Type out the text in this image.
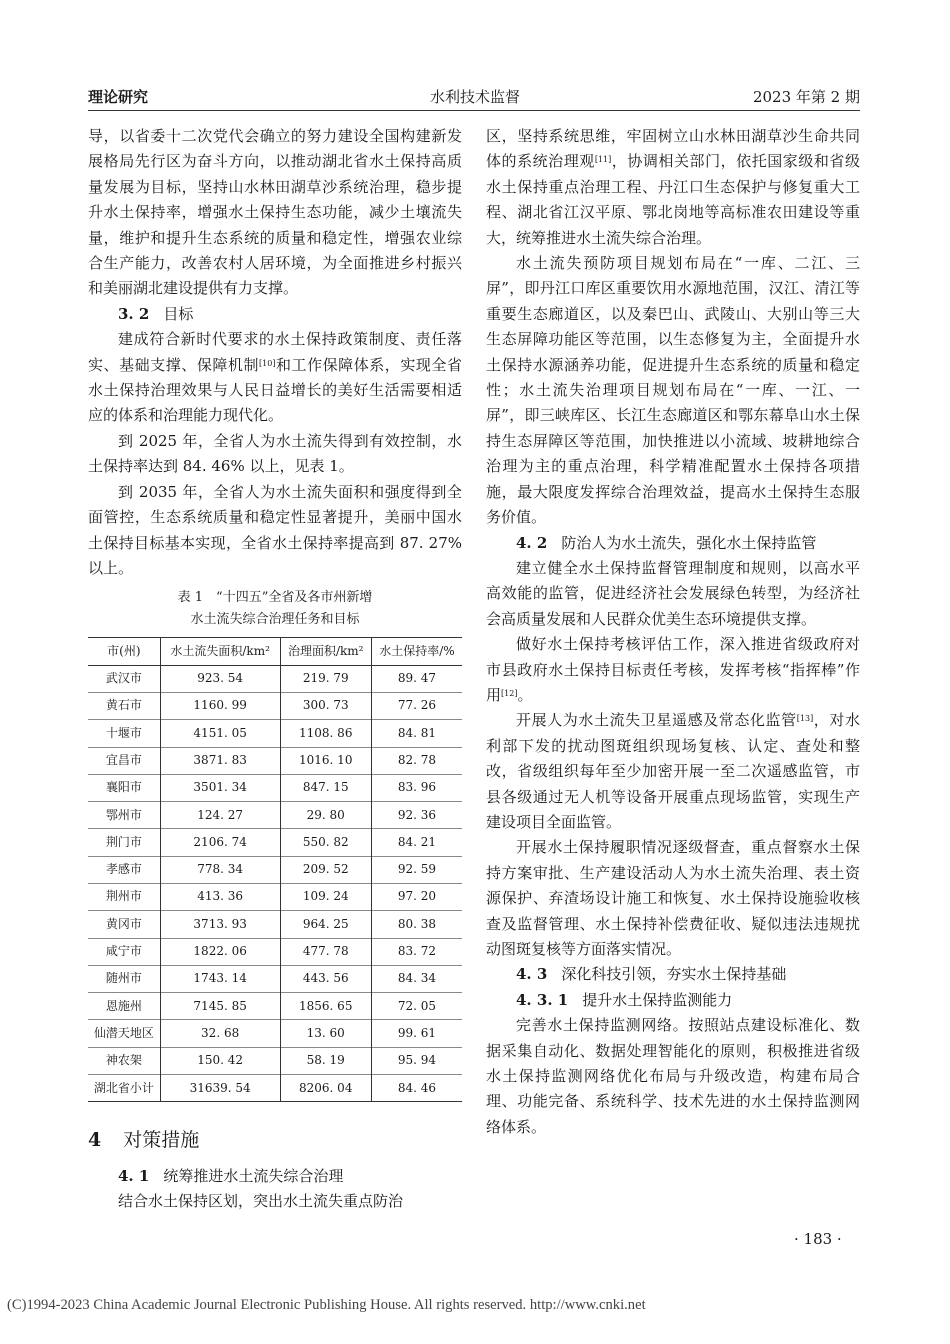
理论研究	水利技术监督	2023 年第 2 期

导，以省委十二次党代会确立的努力建设全国构建新发展格局先行区为奋斗方向，以推动湖北省水土保持高质量发展为目标，坚持山水林田湖草沙系统治理，稳步提升水土保持率，增强水土保持生态功能，减少土壤流失量，维护和提升生态系统的质量和稳定性，增强农业综合生产能力，改善农村人居环境，为全面推进乡村振兴和美丽湖北建设提供有力支撑。

3. 2 目标

建成符合新时代要求的水土保持政策制度、责任落实、基础支撑、保障机制[10]和工作保障体系，实现全省水土保持治理效果与人民日益增长的美好生活需要相适应的体系和治理能力现代化。

到 2025 年，全省人为水土流失得到有效控制，水土保持率达到 84. 46% 以上，见表 1。

到 2035 年，全省人为水土流失面积和强度得到全面管控，生态系统质量和稳定性显著提升，美丽中国水土保持目标基本实现，全省水土保持率提高到 87. 27% 以上。

表 1　“十四五”全省及各市州新增
水土流失综合治理任务和目标
市(州)	水土流失面积/km²	治理面积/km²	水土保持率/%
武汉市	923. 54	219. 79	89. 47
黄石市	1160. 99	300. 73	77. 26
十堰市	4151. 05	1108. 86	84. 81
宜昌市	3871. 83	1016. 10	82. 78
襄阳市	3501. 34	847. 15	83. 96
鄂州市	124. 27	29. 80	92. 36
荆门市	2106. 74	550. 82	84. 21
孝感市	778. 34	209. 52	92. 59
荆州市	413. 36	109. 24	97. 20
黄冈市	3713. 93	964. 25	80. 38
咸宁市	1822. 06	477. 78	83. 72
随州市	1743. 14	443. 56	84. 34
恩施州	7145. 85	1856. 65	72. 05
仙潜天地区	32. 68	13. 60	99. 61
神农架	150. 42	58. 19	95. 94
湖北省小计	31639. 54	8206. 04	84. 46
4 对策措施

4. 1 统筹推进水土流失综合治理

结合水土保持区划，突出水土流失重点防治

区，坚持系统思维，牢固树立山水林田湖草沙生命共同体的系统治理观[11]，协调相关部门，依托国家级和省级水土保持重点治理工程、丹江口生态保护与修复重大工程、湖北省江汉平原、鄂北岗地等高标准农田建设等重大，统筹推进水土流失综合治理。

水土流失预防项目规划布局在“一库、二江、三屏”，即丹江口库区重要饮用水源地范围，汉江、清江等重要生态廊道区，以及秦巴山、武陵山、大别山等三大生态屏障功能区等范围，以生态修复为主，全面提升水土保持水源涵养功能，促进提升生态系统的质量和稳定性；水土流失治理项目规划布局在“一库、一江、一屏”，即三峡库区、长江生态廊道区和鄂东幕阜山水土保持生态屏障区等范围，加快推进以小流域、坡耕地综合治理为主的重点治理，科学精准配置水土保持各项措施，最大限度发挥综合治理效益，提高水土保持生态服务价值。

4. 2 防治人为水土流失，强化水土保持监管

建立健全水土保持监督管理制度和规则，以高水平高效能的监管，促进经济社会发展绿色转型，为经济社会高质量发展和人民群众优美生态环境提供支撑。

做好水土保持考核评估工作，深入推进省级政府对市县政府水土保持目标责任考核，发挥考核“指挥棒”作用[12]。

开展人为水土流失卫星遥感及常态化监管[13]，对水利部下发的扰动图斑组织现场复核、认定、查处和整改，省级组织每年至少加密开展一至二次遥感监管，市县各级通过无人机等设备开展重点现场监管，实现生产建设项目全面监管。

开展水土保持履职情况逐级督查，重点督察水土保持方案审批、生产建设活动人为水土流失治理、表土资源保护、弃渣场设计施工和恢复、水土保持设施验收核查及监督管理、水土保持补偿费征收、疑似违法违规扰动图斑复核等方面落实情况。

4. 3 深化科技引领，夯实水土保持基础

4. 3. 1 提升水土保持监测能力

完善水土保持监测网络。按照站点建设标准化、数据采集自动化、数据处理智能化的原则，积极推进省级水土保持监测网络优化布局与升级改造，构建布局合理、功能完备、系统科学、技术先进的水土保持监测网络体系。

· 183 ·
(C)1994-2023 China Academic Journal Electronic Publishing House. All rights reserved. http://www.cnki.net
